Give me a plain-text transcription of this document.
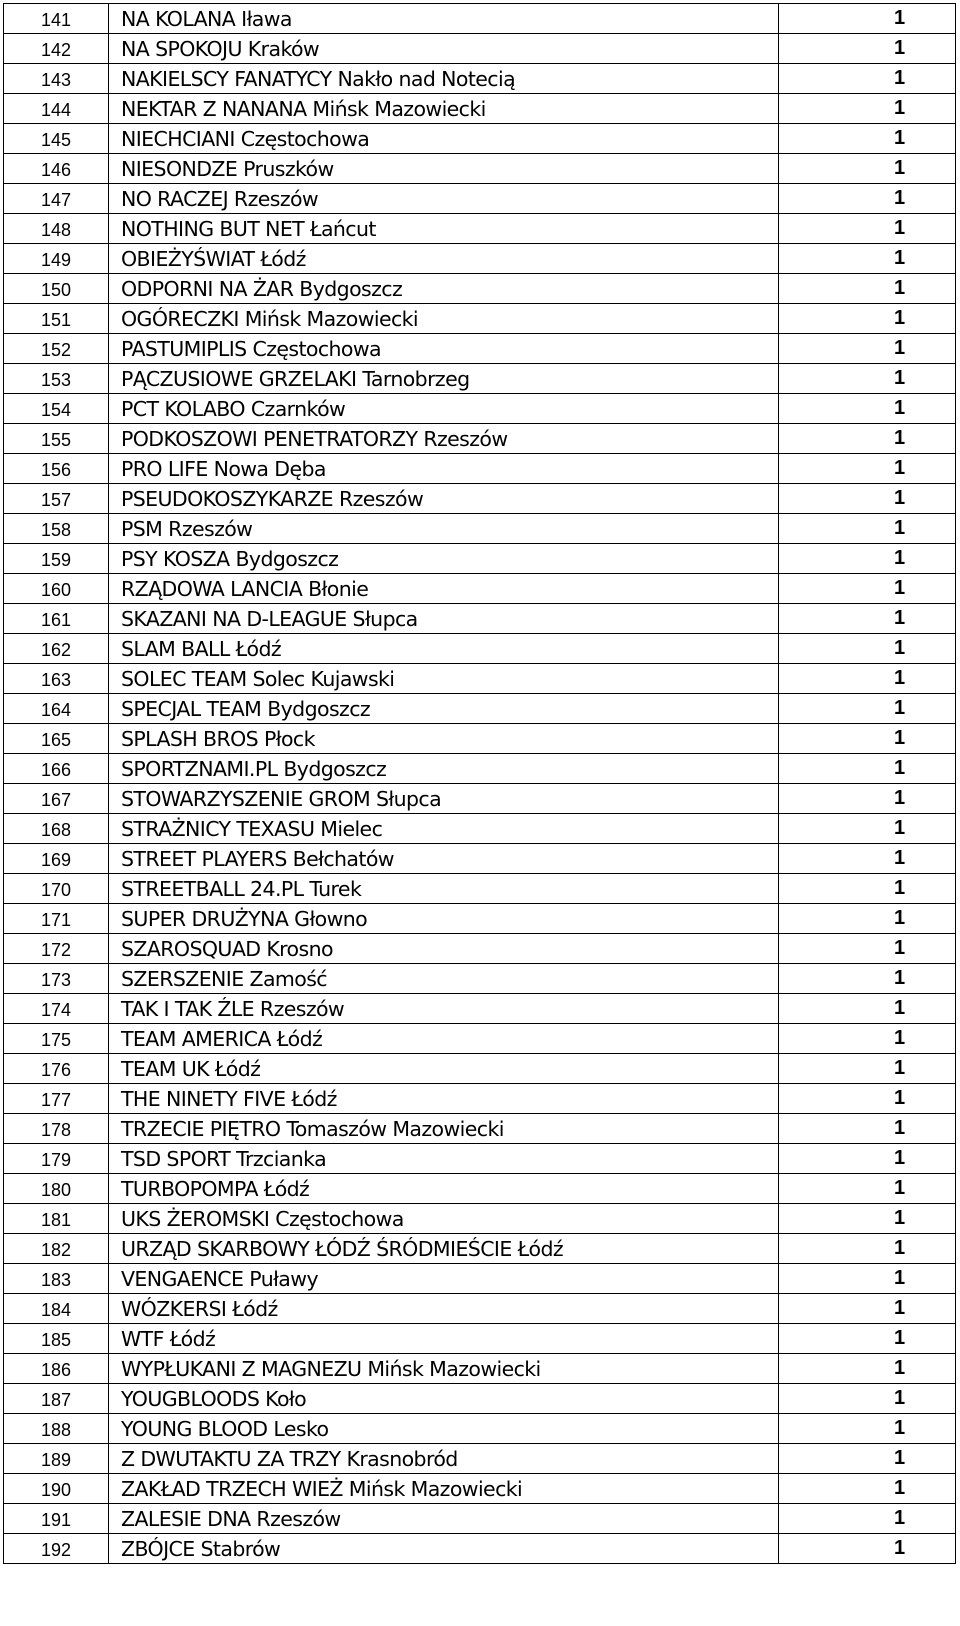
141	NA KOLANA Iława	1
142	NA SPOKOJU Kraków	1
143	NAKIELSCY FANATYCY Nakło nad Notecią	1
144	NEKTAR Z NANANA Mińsk Mazowiecki	1
145	NIECHCIANI Częstochowa	1
146	NIESONDZE Pruszków	1
147	NO RACZEJ Rzeszów	1
148	NOTHING BUT NET Łańcut	1
149	OBIEŻYŚWIAT Łódź	1
150	ODPORNI NA ŻAR Bydgoszcz	1
151	OGÓRECZKI Mińsk Mazowiecki	1
152	PASTUMIPLIS Częstochowa	1
153	PĄCZUSIOWE GRZELAKI Tarnobrzeg	1
154	PCT KOLABO Czarnków	1
155	PODKOSZOWI PENETRATORZY Rzeszów	1
156	PRO LIFE Nowa Dęba	1
157	PSEUDOKOSZYKARZE Rzeszów	1
158	PSM Rzeszów	1
159	PSY KOSZA Bydgoszcz	1
160	RZĄDOWA LANCIA Błonie	1
161	SKAZANI NA D-LEAGUE Słupca	1
162	SLAM BALL Łódź	1
163	SOLEC TEAM Solec Kujawski	1
164	SPECJAL TEAM Bydgoszcz	1
165	SPLASH BROS Płock	1
166	SPORTZNAMI.PL Bydgoszcz	1
167	STOWARZYSZENIE GROM Słupca	1
168	STRAŻNICY TEXASU Mielec	1
169	STREET PLAYERS Bełchatów	1
170	STREETBALL 24.PL Turek	1
171	SUPER DRUŻYNA Głowno	1
172	SZAROSQUAD Krosno	1
173	SZERSZENIE Zamość	1
174	TAK I TAK ŹLE Rzeszów	1
175	TEAM AMERICA Łódź	1
176	TEAM UK Łódź	1
177	THE NINETY FIVE Łódź	1
178	TRZECIE PIĘTRO Tomaszów Mazowiecki	1
179	TSD SPORT Trzcianka	1
180	TURBOPOMPA Łódź	1
181	UKS ŻEROMSKI Częstochowa	1
182	URZĄD SKARBOWY ŁÓDŹ ŚRÓDMIEŚCIE Łódź	1
183	VENGAENCE Puławy	1
184	WÓZKERSI Łódź	1
185	WTF Łódź	1
186	WYPŁUKANI Z MAGNEZU Mińsk Mazowiecki	1
187	YOUGBLOODS Koło	1
188	YOUNG BLOOD Lesko	1
189	Z DWUTAKTU ZA TRZY Krasnobród	1
190	ZAKŁAD TRZECH WIEŻ Mińsk Mazowiecki	1
191	ZALESIE DNA Rzeszów	1
192	ZBÓJCE Stabrów	1
